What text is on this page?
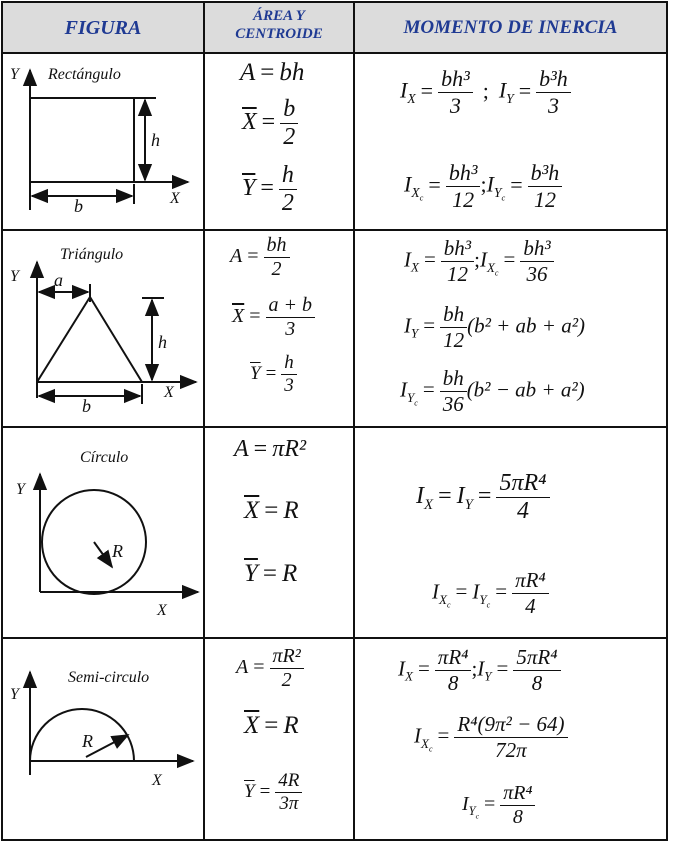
FIGURA
ÁREA Y
CENTROIDE	MOMENTO DE INERCIA
Rectángulo
Y
X
h
b
Triángulo
Y
X
a
h
b
Círculo
Y
X
R
Semi-circulo
Y
X
R
A = bh
$\overline{X} = \frac{b}{2}$
$\overline{Y} = \frac{h}{2}$
$A = \frac{bh}{2}$
$\overline{X} = \frac{a + b}{3}$
$\overline{Y} = \frac{h}{3}$
A = πR²
$\overline{X} = R$
$\overline{Y} = R$
$A = \frac{\text{πR²}}{2}$
$\overline{X} = R$
$\overline{Y} = \frac{4R}{3\pi}$
$I_X = \frac{\text{bh³}}{3}$ ; $I_Y = \frac{\text{b³h}}{3}$
$I_{X_c}= \frac{\text{bh³}}{12}$ $;I_{Y_c}= \frac{\text{b³h}}{12}$
$I_X = \frac{\text{bh³}}{12}$ $;I_{X_c}= \frac{\text{bh³}}{36}$
$I_Y = \frac{bh}{12} (b^2$ + ab + a²)
$I_{Y_c}= \frac{bh}{36} (b^2$ − ab + a²)
$I_X = I_Y = \frac{\text{5πR⁴}}{4}$
$I_{X_c}= I_{Y_c}= \frac{\text{πR⁴}}{4}$
$I_X = \frac{\text{πR⁴}}{8}$ $;I_Y = \frac{\text{5πR⁴}}{8}$
$I_{X_c}= \frac{\text{R⁴(9π² − 64)}}{72\pi}$
$I_{Y_c}= \frac{\text{πR⁴}}{8}$
